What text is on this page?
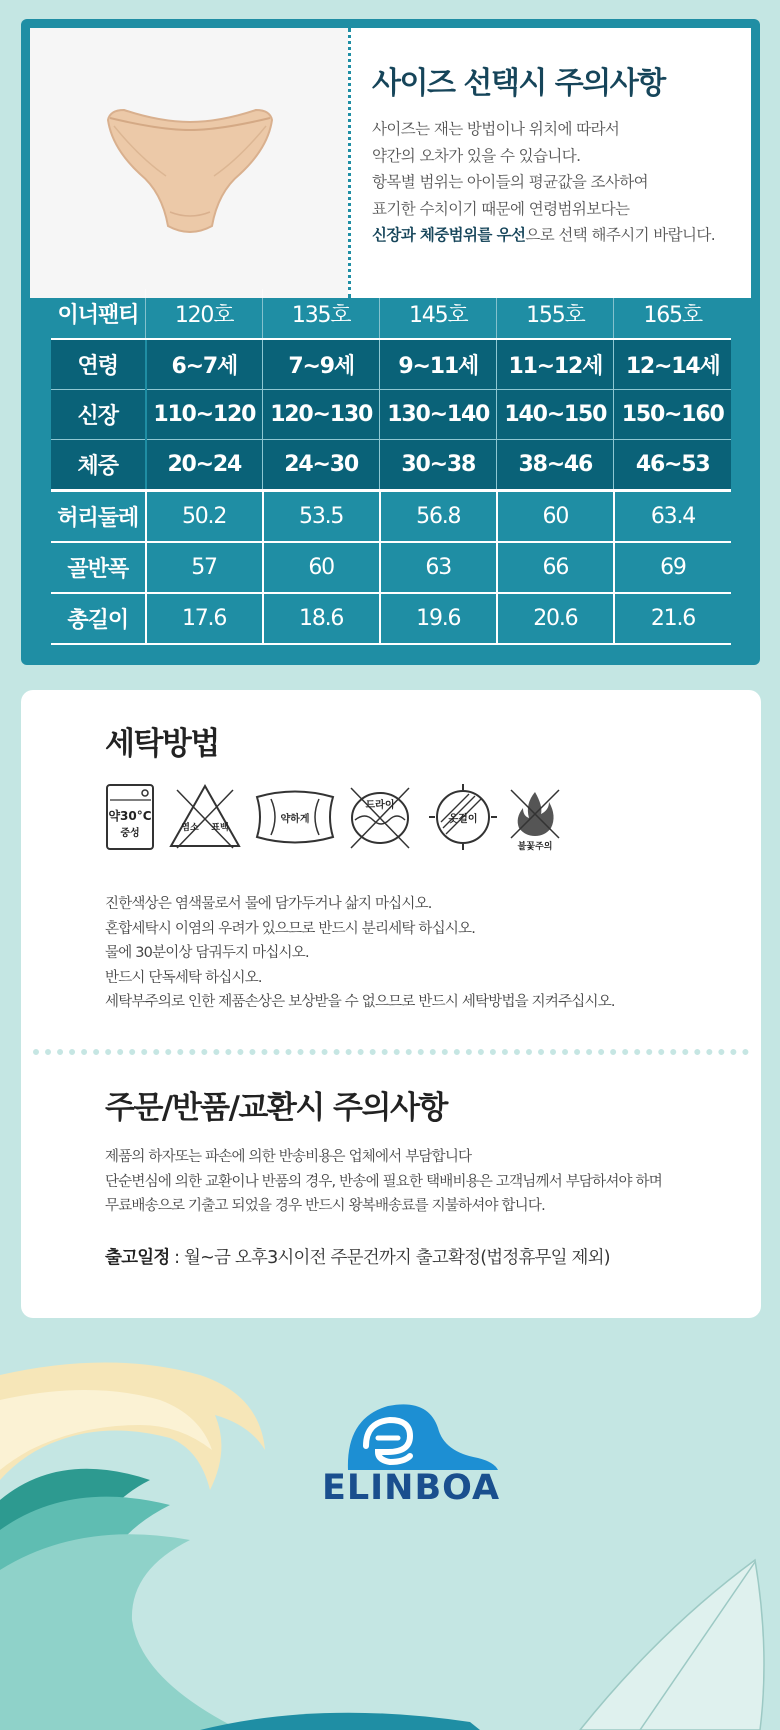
사이즈 선택시 주의사항
사이즈는 재는 방법이나 위치에 따라서
약간의 오차가 있을 수 있습니다.
항목별 범위는 아이들의 평균값을 조사하여
표기한 수치이기 때문에 연령범위보다는
신장과 체중범위를 우선으로 선택 해주시기 바랍니다.
이너팬티	120호	135호	145호	155호	165호
연령	6~7세	7~9세	9~11세	11~12세	12~14세
신장	110~120	120~130	130~140	140~150	150~160
체중	20~24	24~30	30~38	38~46	46~53
허리둘레	50.2	53.5	56.8	60	63.4
골반폭	57	60	63	66	69
총길이	17.6	18.6	19.6	20.6	21.6
세탁방법
약30°C
중성	염소 표백
약하게
드라이
옷걸이
불꽃주의
진한색상은 염색물로서 물에 담가두거나 삶지 마십시오.
혼합세탁시 이염의 우려가 있으므로 반드시 분리세탁 하십시오.
물에 30분이상 담궈두지 마십시오.
반드시 단독세탁 하십시오.
세탁부주의로 인한 제품손상은 보상받을 수 없으므로 반드시 세탁방법을 지켜주십시오.
주문/반품/교환시 주의사항
제품의 하자또는 파손에 의한 반송비용은 업체에서 부담합니다
단순변심에 의한 교환이나 반품의 경우, 반송에 필요한 택배비용은 고객님께서 부담하셔야 하며
무료배송으로 기출고 되었을 경우 반드시 왕복배송료를 지불하셔야 합니다.
출고일정 : 월~금 오후3시이전 주문건까지 출고확정(법정휴무일 제외)
ELINBOA
